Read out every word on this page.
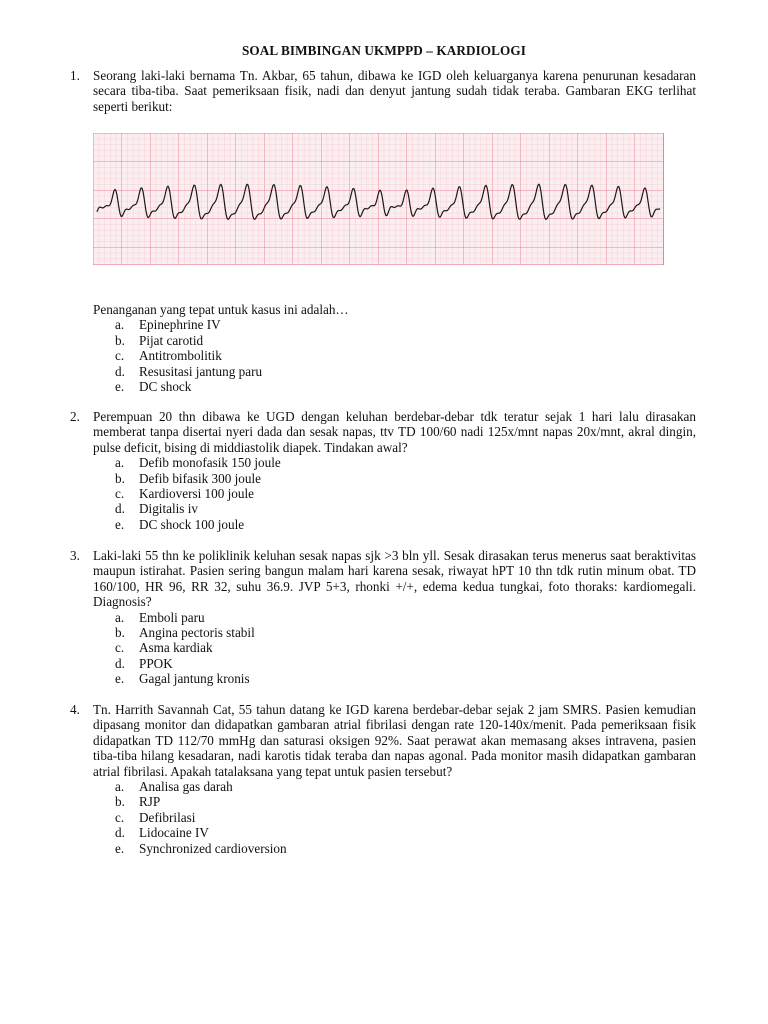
SOAL BIMBINGAN UKMPPD – KARDIOLOGI
1. Seorang laki-laki bernama Tn. Akbar, 65 tahun, dibawa ke IGD oleh keluarganya karena penurunan kesadaran secara tiba-tiba. Saat pemeriksaan fisik, nadi dan denyut jantung sudah tidak teraba. Gambaran EKG terlihat seperti berikut:
Penanganan yang tepat untuk kasus ini adalah…
a. Epinephrine IV
b. Pijat carotid
c. Antitrombolitik
d. Resusitasi jantung paru
e. DC shock
2. Perempuan 20 thn dibawa ke UGD dengan keluhan berdebar-debar tdk teratur sejak 1 hari lalu dirasakan memberat tanpa disertai nyeri dada dan sesak napas, ttv TD 100/60 nadi 125x/mnt napas 20x/mnt, akral dingin, pulse deficit, bising di middiastolik diapek. Tindakan awal?
a. Defib monofasik 150 joule
b. Defib bifasik 300 joule
c. Kardioversi 100 joule
d. Digitalis iv
e. DC shock 100 joule
3. Laki-laki 55 thn ke poliklinik keluhan sesak napas sjk >3 bln yll. Sesak dirasakan terus menerus saat beraktivitas maupun istirahat. Pasien sering bangun malam hari karena sesak, riwayat hPT 10 thn tdk rutin minum obat. TD 160/100, HR 96, RR 32, suhu 36.9. JVP 5+3, rhonki +/+, edema kedua tungkai, foto thoraks: kardiomegali. Diagnosis?
a. Emboli paru
b. Angina pectoris stabil
c. Asma kardiak
d. PPOK
e. Gagal jantung kronis
4. Tn. Harrith Savannah Cat, 55 tahun datang ke IGD karena berdebar-debar sejak 2 jam SMRS. Pasien kemudian dipasang monitor dan didapatkan gambaran atrial fibrilasi dengan rate 120-140x/menit. Pada pemeriksaan fisik didapatkan TD 112/70 mmHg dan saturasi oksigen 92%. Saat perawat akan memasang akses intravena, pasien tiba-tiba hilang kesadaran, nadi karotis tidak teraba dan napas agonal. Pada monitor masih didapatkan gambaran atrial fibrilasi. Apakah tatalaksana yang tepat untuk pasien tersebut?
a. Analisa gas darah
b. RJP
c. Defibrilasi
d. Lidocaine IV
e. Synchronized cardioversion
